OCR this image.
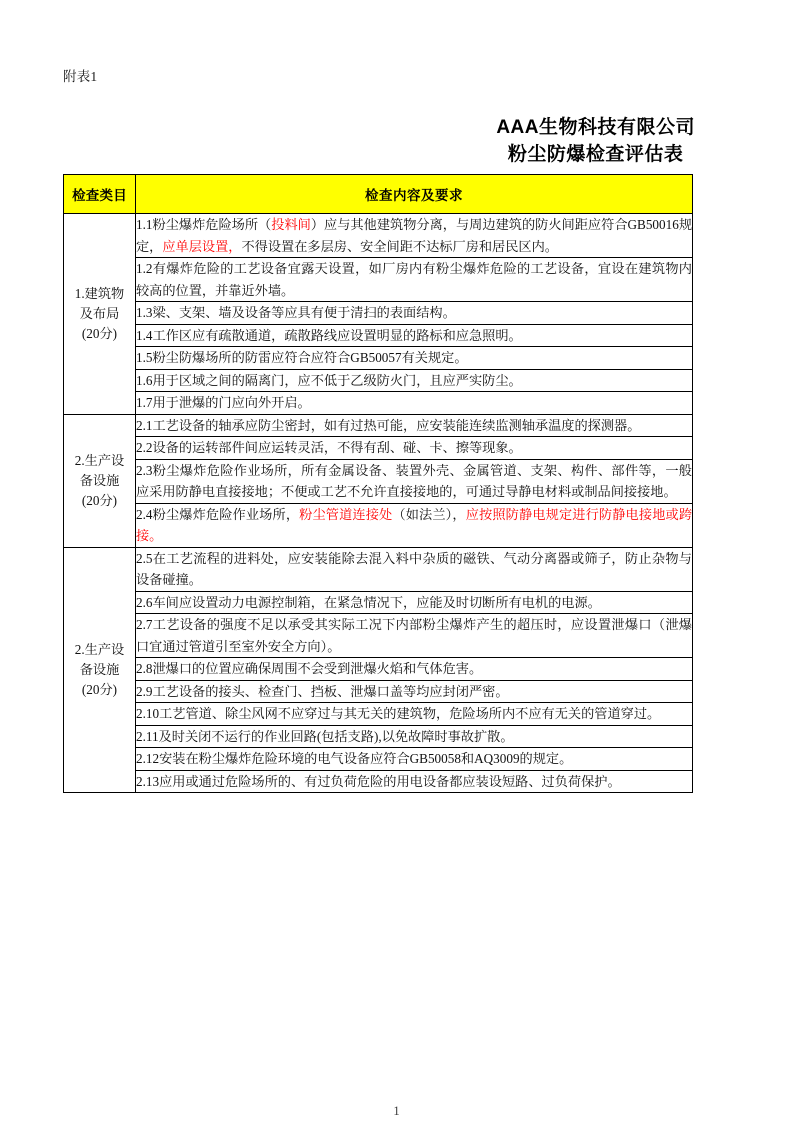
附表1
AAA生物科技有限公司
粉尘防爆检查评估表
检查类目	检查内容及要求

1.建筑物
及布局
(20分)	1.1粉尘爆炸危险场所（投料间）应与其他建筑物分离，与周边建筑的防火间距应符合GB50016规定，应单层设置，不得设置在多层房、安全间距不达标厂房和居民区内。
	1.2有爆炸危险的工艺设备宜露天设置，如厂房内有粉尘爆炸危险的工艺设备，宜设在建筑物内较高的位置，并靠近外墙。
	1.3梁、支架、墙及设备等应具有便于清扫的表面结构。
	1.4工作区应有疏散通道，疏散路线应设置明显的路标和应急照明。
	1.5粉尘防爆场所的防雷应符合应符合GB50057有关规定。
	1.6用于区域之间的隔离门，应不低于乙级防火门，且应严实防尘。
	1.7用于泄爆的门应向外开启。

2.生产设
备设施
(20分)	2.1工艺设备的轴承应防尘密封，如有过热可能，应安装能连续监测轴承温度的探测器。
	2.2设备的运转部件间应运转灵活，不得有刮、碰、卡、擦等现象。
	2.3粉尘爆炸危险作业场所，所有金属设备、装置外壳、金属管道、支架、构件、部件等，一般应采用防静电直接接地；不便或工艺不允许直接接地的，可通过导静电材料或制品间接接地。
	2.4粉尘爆炸危险作业场所，粉尘管道连接处（如法兰），应按照防静电规定进行防静电接地或跨接。

2.生产设
备设施
(20分)	2.5在工艺流程的进料处，应安装能除去混入料中杂质的磁铁、气动分离器或筛子，防止杂物与设备碰撞。
	2.6车间应设置动力电源控制箱，在紧急情况下，应能及时切断所有电机的电源。
	2.7工艺设备的强度不足以承受其实际工况下内部粉尘爆炸产生的超压时，应设置泄爆口（泄爆口宜通过管道引至室外安全方向）。
	2.8泄爆口的位置应确保周围不会受到泄爆火焰和气体危害。
	2.9工艺设备的接头、检查门、挡板、泄爆口盖等均应封闭严密。
	2.10工艺管道、除尘风网不应穿过与其无关的建筑物，危险场所内不应有无关的管道穿过。
	2.11及时关闭不运行的作业回路(包括支路),以免故障时事故扩散。
	2.12安装在粉尘爆炸危险环境的电气设备应符合GB50058和AQ3009的规定。
	2.13应用或通过危险场所的、有过负荷危险的用电设备都应装设短路、过负荷保护。
1
